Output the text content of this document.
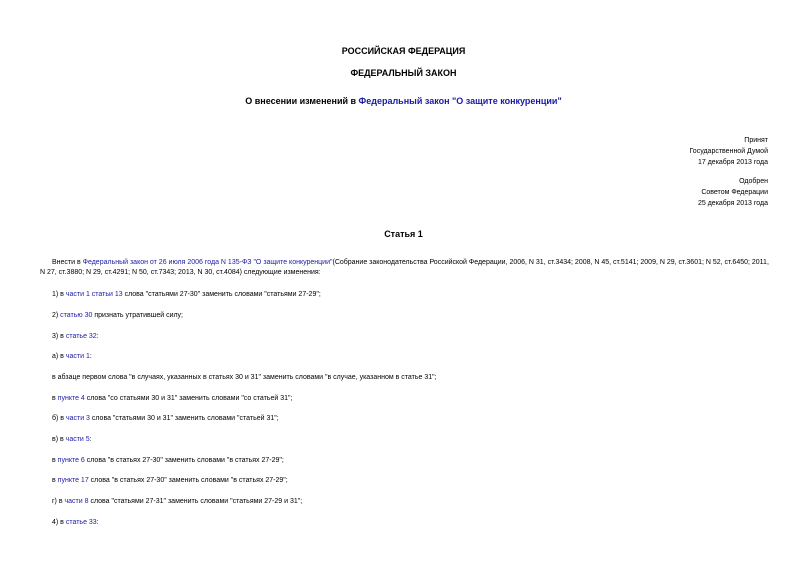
РОССИЙСКАЯ ФЕДЕРАЦИЯ
ФЕДЕРАЛЬНЫЙ ЗАКОН
О внесении изменений в Федеральный закон "О защите конкуренции"
Принят
Государственной Думой
17 декабря 2013 года
Одобрен
Советом Федерации
25 декабря 2013 года
Статья 1
Внести в Федеральный закон от 26 июля 2006 года N 135-ФЗ "О защите конкуренции"(Собрание законодательства Российской Федерации, 2006, N 31, ст.3434; 2008, N 45, ст.5141; 2009, N 29, ст.3601; N 52, ст.6450; 2011, N 27, ст.3880; N 29, ст.4291; N 50, ст.7343; 2013, N 30, ст.4084) следующие изменения:
1) в части 1 статьи 13 слова "статьями 27-30" заменить словами "статьями 27-29";
2) статью 30 признать утратившей силу;
3) в статье 32:
а) в части 1:
в абзаце первом слова "в случаях, указанных в статьях 30 и 31" заменить словами "в случае, указанном в статье 31";
в пункте 4 слова "со статьями 30 и 31" заменить словами "со статьей 31";
б) в части 3 слова "статьями 30 и 31" заменить словами "статьей 31";
в) в части 5:
в пункте 6 слова "в статьях 27-30" заменить словами "в статьях 27-29";
в пункте 17 слова "в статьях 27-30" заменить словами "в статьях 27-29";
г) в части 8 слова "статьями 27-31" заменить словами "статьями 27-29 и 31";
4) в статье 33:
